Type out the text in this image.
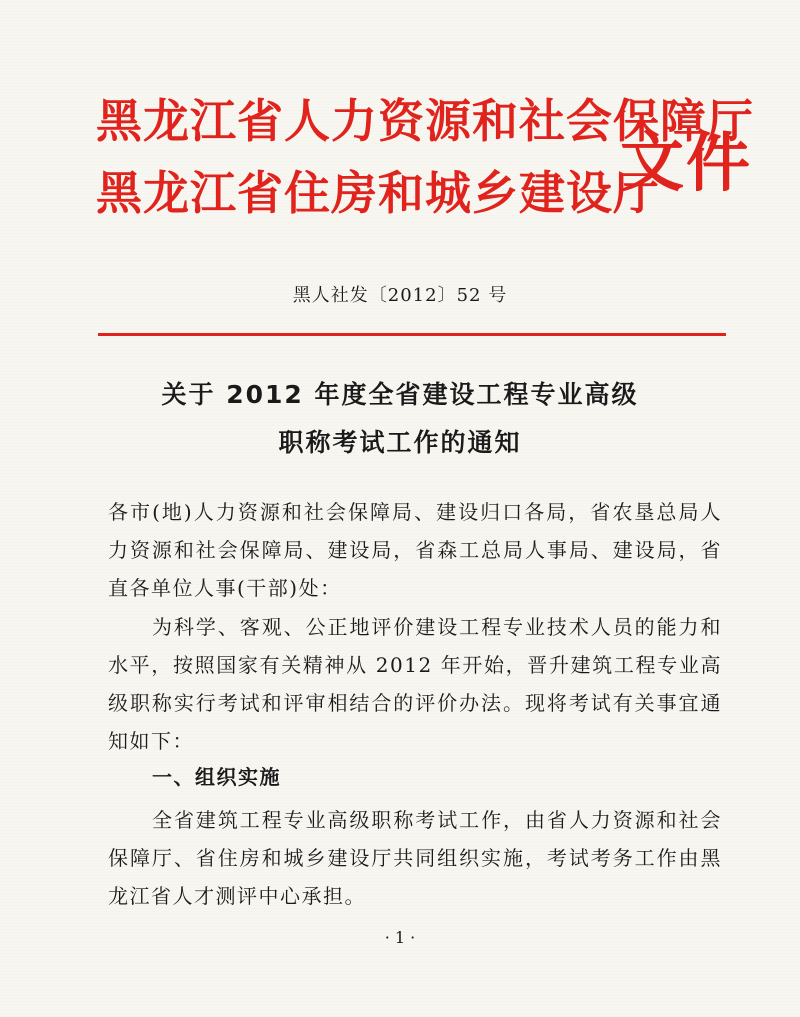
黑龙江省人力资源和社会保障厅
黑龙江省住房和城乡建设厅
文件
黑人社发〔2012〕52 号
关于 2012 年度全省建设工程专业高级
职称考试工作的通知
各市(地)人力资源和社会保障局、建设归口各局，省农垦总局人力资源和社会保障局、建设局，省森工总局人事局、建设局，省直各单位人事(干部)处：
为科学、客观、公正地评价建设工程专业技术人员的能力和水平，按照国家有关精神从 2012 年开始，晋升建筑工程专业高级职称实行考试和评审相结合的评价办法。现将考试有关事宜通知如下：
一、组织实施
全省建筑工程专业高级职称考试工作，由省人力资源和社会保障厅、省住房和城乡建设厅共同组织实施，考试考务工作由黑龙江省人才测评中心承担。
· 1 ·
